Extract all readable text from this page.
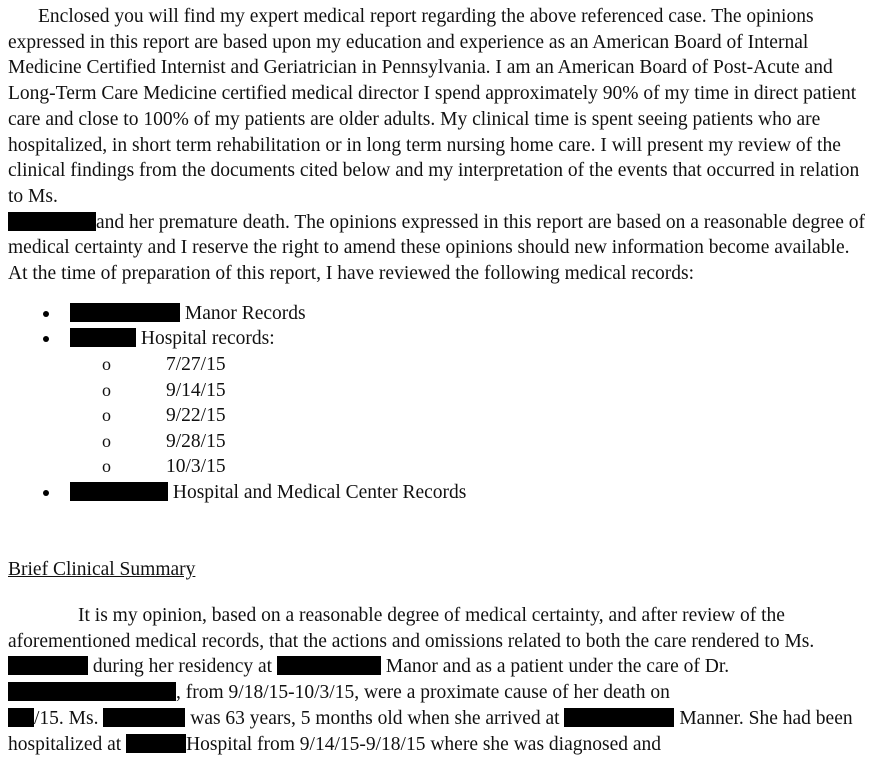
Enclosed you will find my expert medical report regarding the above referenced case. The opinions expressed in this report are based upon my education and experience as an American Board of Internal Medicine Certified Internist and Geriatrician in Pennsylvania. I am an American Board of Post-Acute and Long-Term Care Medicine certified medical director I spend approximately 90% of my time in direct patient care and close to 100% of my patients are older adults. My clinical time is spent seeing patients who are hospitalized, in short term rehabilitation or in long term nursing home care. I will present my review of the clinical findings from the documents cited below and my interpretation of the events that occurred in relation to Ms.
and her premature death. The opinions expressed in this report are based on a reasonable degree of medical certainty and I reserve the right to amend these opinions should new information become available. At the time of preparation of this report, I have reviewed the following medical records:

Manor Records
Hospital records:
o	7/27/15
o	9/14/15
o	9/22/15
o	9/28/15
o	10/3/15
Hospital and Medical Center Records

Brief Clinical Summary

It is my opinion, based on a reasonable degree of medical certainty, and after review of the aforementioned medical records, that the actions and omissions related to both the care rendered to Ms.  during her residency at	Manor and as a patient under the care of Dr. , from 9/18/15-10/3/15, were a proximate cause of her death on
/15. Ms.	was 63 years, 5 months old when she arrived at	Manner. She had been hospitalized at	Hospital from 9/14/15-9/18/15 where she was diagnosed and
